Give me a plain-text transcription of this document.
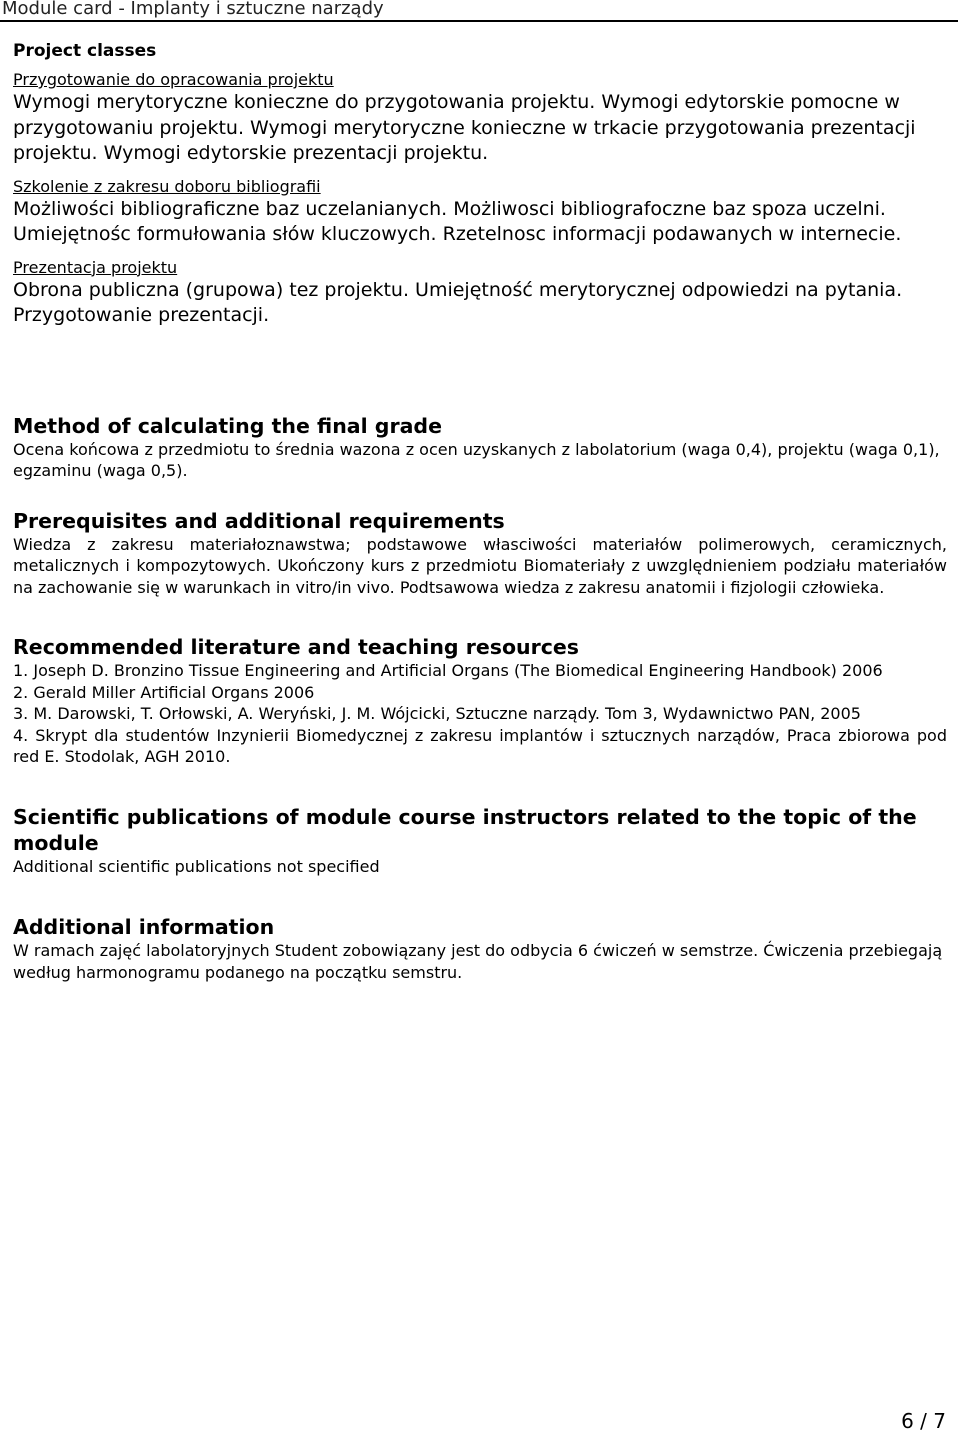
Module card - Implanty i sztuczne narządy
Project classes

Przygotowanie do opracowania projektu

Wymogi merytoryczne konieczne do przygotowania projektu. Wymogi edytorskie pomocne w przygotowaniu projektu. Wymogi merytoryczne konieczne w trkacie przygotowania prezentacji projektu. Wymogi edytorskie prezentacji projektu.

Szkolenie z zakresu doboru bibliografii

Możliwości bibliograficzne baz uczelanianych. Możliwosci bibliografoczne baz spoza uczelni. Umiejętnośc formułowania słów kluczowych. Rzetelnosc informacji podawanych w internecie.

Prezentacja projektu

Obrona publiczna (grupowa) tez projektu. Umiejętność merytorycznej odpowiedzi na pytania. Przygotowanie prezentacji.

Method of calculating the final grade

Ocena końcowa z przedmiotu to średnia wazona z ocen uzyskanych z labolatorium (waga 0,4), projektu (waga 0,1), egzaminu (waga 0,5).

Prerequisites and additional requirements

Wiedza z zakresu materiałoznawstwa; podstawowe własciwości materiałów polimerowych, ceramicznych, metalicznych i kompozytowych. Ukończony kurs z przedmiotu Biomateriały z uwzględnieniem podziału materiałów na zachowanie się w warunkach in vitro/in vivo. Podtsawowa wiedza z zakresu anatomii i fizjologii człowieka.

Recommended literature and teaching resources

1. Joseph D. Bronzino Tissue Engineering and Artificial Organs (The Biomedical Engineering Handbook) 2006

2. Gerald Miller Artificial Organs 2006

3. M. Darowski, T. Orłowski, A. Weryński, J. M. Wójcicki, Sztuczne narządy. Tom 3, Wydawnictwo PAN, 2005

4. Skrypt dla studentów Inzynierii Biomedycznej z zakresu implantów i sztucznych narządów, Praca zbiorowa pod red E. Stodolak, AGH 2010.

Scientific publications of module course instructors related to the topic of the module

Additional scientific publications not specified

Additional information

W ramach zajęć labolatoryjnych Student zobowiązany jest do odbycia 6 ćwiczeń w semstrze. Ćwiczenia przebiegają według harmonogramu podanego na początku semstru.

6 / 7
